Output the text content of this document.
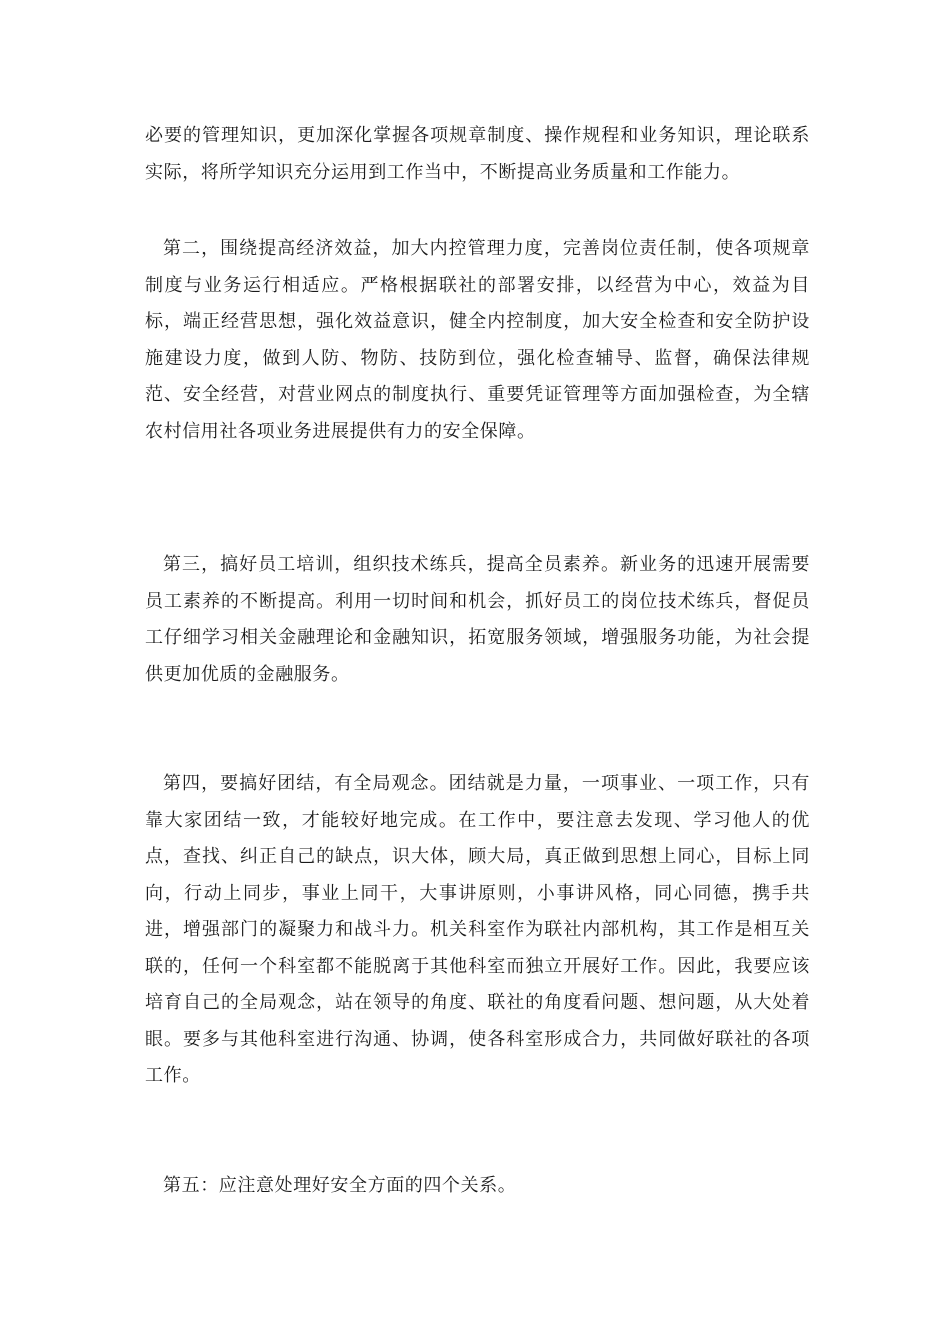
必要的管理知识，更加深化掌握各项规章制度、操作规程和业务知识，理论联系实际，将所学知识充分运用到工作当中，不断提高业务质量和工作能力。

第二，围绕提高经济效益，加大内控管理力度，完善岗位责任制，使各项规章制度与业务运行相适应。严格根据联社的部署安排，以经营为中心，效益为目标，端正经营思想，强化效益意识，健全内控制度，加大安全检查和安全防护设施建设力度，做到人防、物防、技防到位，强化检查辅导、监督，确保法律规范、安全经营，对营业网点的制度执行、重要凭证管理等方面加强检查，为全辖农村信用社各项业务进展提供有力的安全保障。

第三，搞好员工培训，组织技术练兵，提高全员素养。新业务的迅速开展需要员工素养的不断提高。利用一切时间和机会，抓好员工的岗位技术练兵，督促员工仔细学习相关金融理论和金融知识，拓宽服务领域，增强服务功能，为社会提供更加优质的金融服务。

第四，要搞好团结，有全局观念。团结就是力量，一项事业、一项工作，只有靠大家团结一致，才能较好地完成。在工作中，要注意去发现、学习他人的优点，查找、纠正自己的缺点，识大体，顾大局，真正做到思想上同心，目标上同向，行动上同步，事业上同干，大事讲原则，小事讲风格，同心同德，携手共进，增强部门的凝聚力和战斗力。机关科室作为联社内部机构，其工作是相互关联的，任何一个科室都不能脱离于其他科室而独立开展好工作。因此，我要应该培育自己的全局观念，站在领导的角度、联社的角度看问题、想问题，从大处着眼。要多与其他科室进行沟通、协调，使各科室形成合力，共同做好联社的各项工作。

第五：应注意处理好安全方面的四个关系。
